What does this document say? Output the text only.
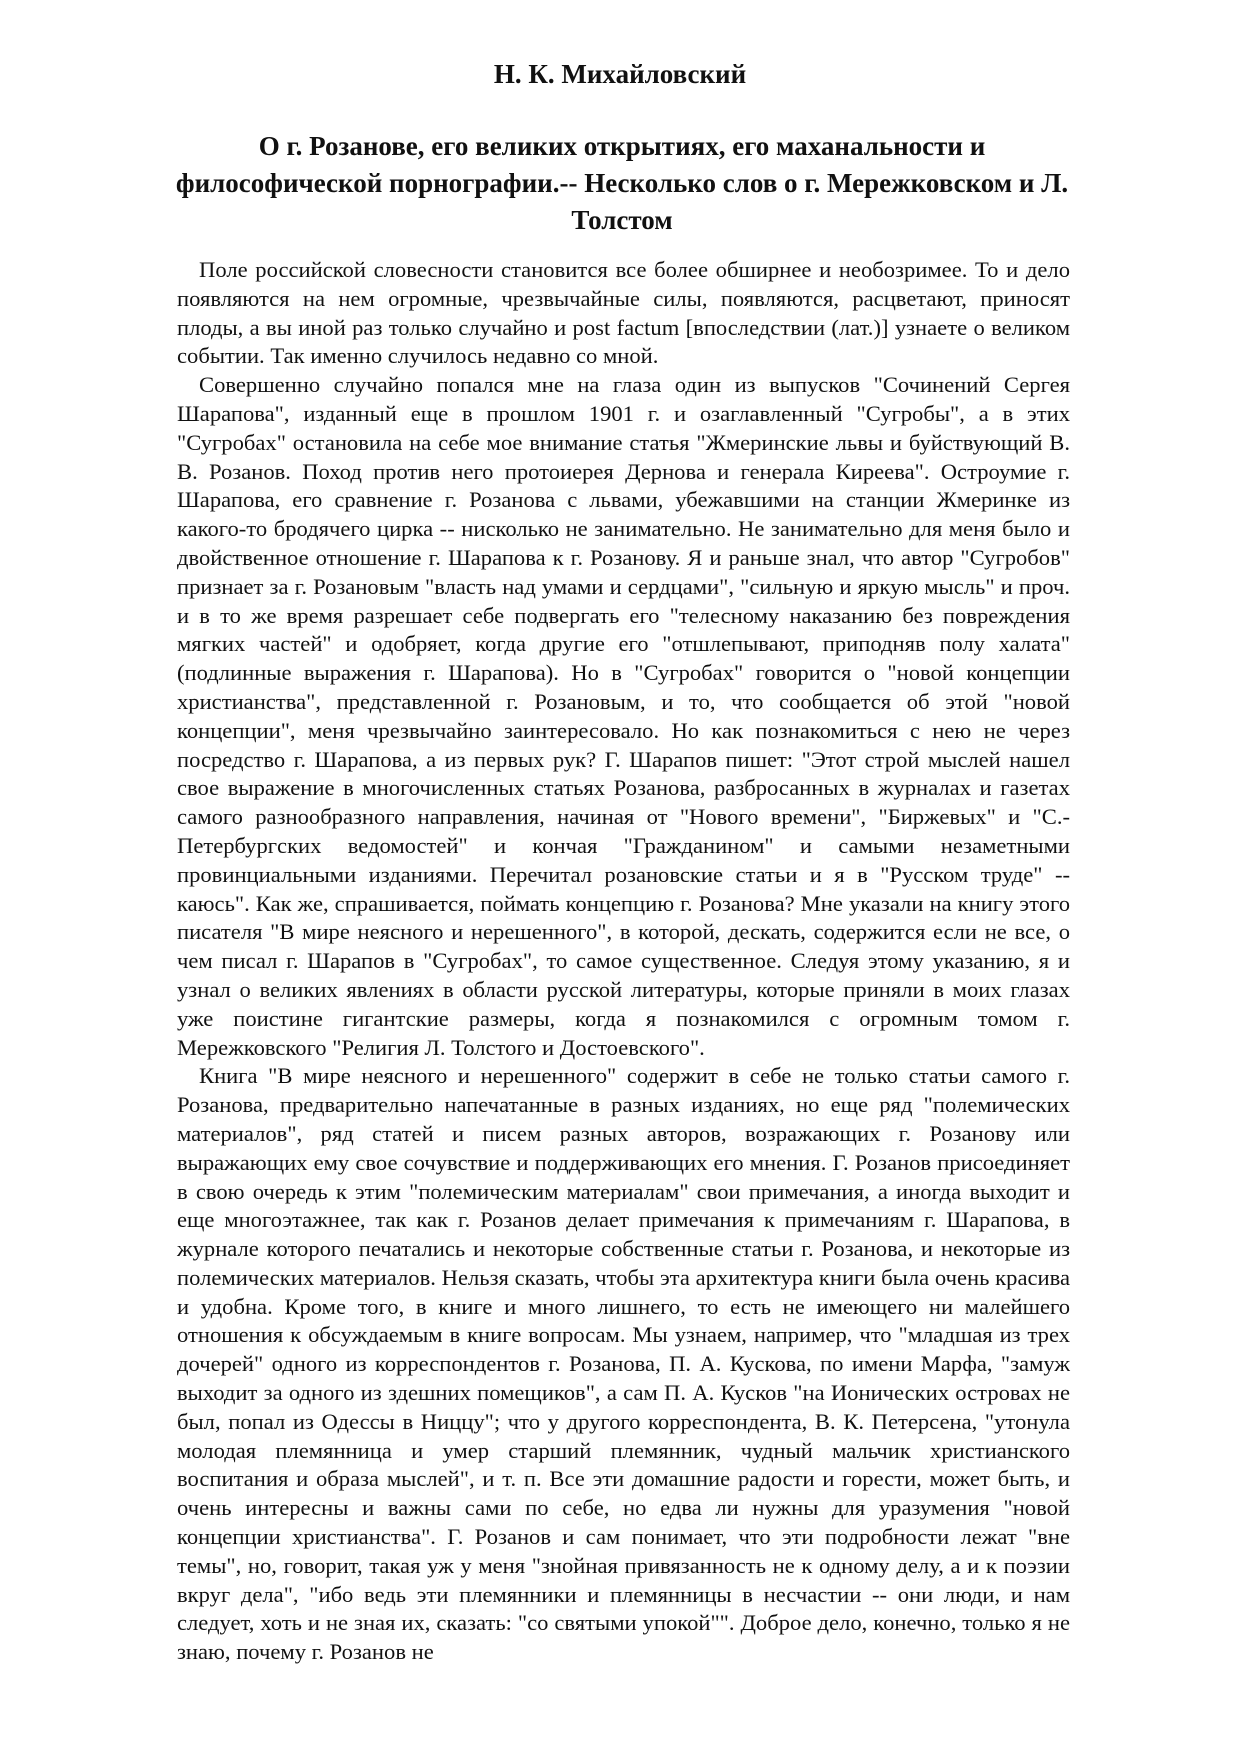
Н. К. Михайловский
О г. Розанове, его великих открытиях, его маханальности и философической порнографии.-- Несколько слов о г. Мережковском и Л. Толстом

Поле российской словесности становится все более обширнее и необозримее. То и дело появляются на нем огромные, чрезвычайные силы, появляются, расцветают, приносят плоды, а вы иной раз только случайно и post factum [впоследствии (лат.)] узнаете о великом событии. Так именно случилось недавно со мной.

Совершенно случайно попался мне на глаза один из выпусков "Сочинений Сергея Шарапова", изданный еще в прошлом 1901 г. и озаглавленный "Сугробы", а в этих "Сугробах" остановила на себе мое внимание статья "Жмеринские львы и буйствующий В. В. Розанов. Поход против него протоиерея Дернова и генерала Киреева". Остроумие г. Шарапова, его сравнение г. Розанова с львами, убежавшими на станции Жмеринке из какого-то бродячего цирка -- нисколько не занимательно. Не занимательно для меня было и двойственное отношение г. Шарапова к г. Розанову. Я и раньше знал, что автор "Сугробов" признает за г. Розановым "власть над умами и сердцами", "сильную и яркую мысль" и проч. и в то же время разрешает себе подвергать его "телесному наказанию без повреждения мягких частей" и одобряет, когда другие его "отшлепывают, приподняв полу халата" (подлинные выражения г. Шарапова). Но в "Сугробах" говорится о "новой концепции христианства", представленной г. Розановым, и то, что сообщается об этой "новой концепции", меня чрезвычайно заинтересовало. Но как познакомиться с нею не через посредство г. Шарапова, а из первых рук? Г. Шарапов пишет: "Этот строй мыслей нашел свое выражение в многочисленных статьях Розанова, разбросанных в журналах и газетах самого разнообразного направления, начиная от "Нового времени", "Биржевых" и "С.-Петербургских ведомостей" и кончая "Гражданином" и самыми незаметными провинциальными изданиями. Перечитал розановские статьи и я в "Русском труде" -- каюсь". Как же, спрашивается, поймать концепцию г. Розанова? Мне указали на книгу этого писателя "В мире неясного и нерешенного", в которой, дескать, содержится если не все, о чем писал г. Шарапов в "Сугробах", то самое существенное. Следуя этому указанию, я и узнал о великих явлениях в области русской литературы, которые приняли в моих глазах уже поистине гигантские размеры, когда я познакомился с огромным томом г. Мережковского "Религия Л. Толстого и Достоевского".

Книга "В мире неясного и нерешенного" содержит в себе не только статьи самого г. Розанова, предварительно напечатанные в разных изданиях, но еще ряд "полемических материалов", ряд статей и писем разных авторов, возражающих г. Розанову или выражающих ему свое сочувствие и поддерживающих его мнения. Г. Розанов присоединяет в свою очередь к этим "полемическим материалам" свои примечания, а иногда выходит и еще многоэтажнее, так как г. Розанов делает примечания к примечаниям г. Шарапова, в журнале которого печатались и некоторые собственные статьи г. Розанова, и некоторые из полемических материалов. Нельзя сказать, чтобы эта архитектура книги была очень красива и удобна. Кроме того, в книге и много лишнего, то есть не имеющего ни малейшего отношения к обсуждаемым в книге вопросам. Мы узнаем, например, что "младшая из трех дочерей" одного из корреспондентов г. Розанова, П. А. Кускова, по имени Марфа, "замуж выходит за одного из здешних помещиков", а сам П. А. Кусков "на Ионических островах не был, попал из Одессы в Ниццу"; что у другого корреспондента, В. К. Петерсена, "утонула молодая племянница и умер старший племянник, чудный мальчик христианского воспитания и образа мыслей", и т. п. Все эти домашние радости и горести, может быть, и очень интересны и важны сами по себе, но едва ли нужны для уразумения "новой концепции христианства". Г. Розанов и сам понимает, что эти подробности лежат "вне темы", но, говорит, такая уж у меня "знойная привязанность не к одному делу, а и к поэзии вкруг дела", "ибо ведь эти племянники и племянницы в несчастии -- они люди, и нам следует, хоть и не зная их, сказать: "со святыми упокой"". Доброе дело, конечно, только я не знаю, почему г. Розанов не
